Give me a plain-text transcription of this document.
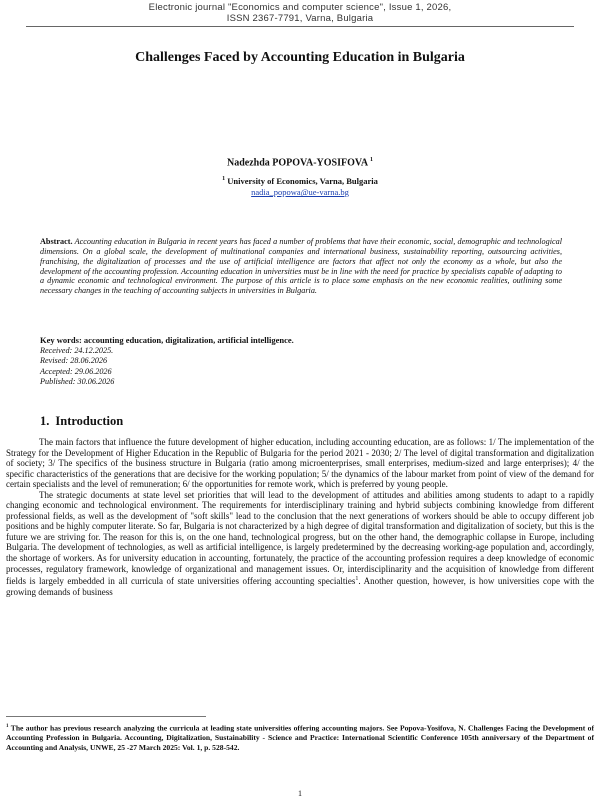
Electronic journal "Economics and computer science", Issue 1, 2026,
ISSN 2367-7791, Varna, Bulgaria
Challenges Faced by Accounting Education in Bulgaria
Nadezhda POPOVA-YOSIFOVA $^1$
$^1$ University of Economics, Varna, Bulgaria
nadia_popowa@ue-varna.bg
Abstract. Accounting education in Bulgaria in recent years has faced a number of problems that have their economic, social, demographic and technological dimensions. On a global scale, the development of multinational companies and international business, sustainability reporting, outsourcing activities, franchising, the digitalization of processes and the use of artificial intelligence are factors that affect not only the economy as a whole, but also the development of the accounting profession. Accounting education in universities must be in line with the need for practice by specialists capable of adapting to a dynamic economic and technological environment. The purpose of this article is to place some emphasis on the new economic realities, outlining some necessary changes in the teaching of accounting subjects in universities in Bulgaria.
Key words: accounting education, digitalization, artificial intelligence.
Received: 24.12.2025.
Revised: 28.06.2026
Accepted: 29.06.2026
Published: 30.06.2026
1. Introduction

The main factors that influence the future development of higher education, including accounting education, are as follows: 1/ The implementation of the Strategy for the Development of Higher Education in the Republic of Bulgaria for the period 2021 - 2030; 2/ The level of digital transformation and digitalization of society; 3/ The specifics of the business structure in Bulgaria (ratio among microenterprises, small enterprises, medium-sized and large enterprises); 4/ the specific characteristics of the generations that are decisive for the working population; 5/ the dynamics of the labour market from point of view of the demand for certain specialists and the level of remuneration; 6/ the opportunities for remote work, which is preferred by young people.

The strategic documents at state level set priorities that will lead to the development of attitudes and abilities among students to adapt to a rapidly changing economic and technological environment. The requirements for interdisciplinary training and hybrid subjects combining knowledge from different professional fields, as well as the development of "soft skills" lead to the conclusion that the next generations of workers should be able to occupy different job positions and be highly computer literate. So far, Bulgaria is not characterized by a high degree of digital transformation and digitalization of society, but this is the future we are striving for. The reason for this is, on the one hand, technological progress, but on the other hand, the demographic collapse in Europe, including Bulgaria. The development of technologies, as well as artificial intelligence, is largely predetermined by the decreasing working-age population and, accordingly, the shortage of workers. As for university education in accounting, fortunately, the practice of the accounting profession requires a deep knowledge of economic processes, regulatory framework, knowledge of organizational and management issues. Or, interdisciplinarity and the acquisition of knowledge from different fields is largely embedded in all curricula of state universities offering accounting specialties$^1$. Another question, however, is how universities cope with the growing demands of business

$^1$ The author has previous research analyzing the curricula at leading state universities offering accounting majors. See Popova-Yosifova, N. Challenges Facing the Development of Accounting Profession in Bulgaria. Accounting, Digitalization, Sustainability - Science and Practice: International Scientific Conference 105th anniversary of the Department of Accounting and Analysis, UNWE, 25 -27 March 2025: Vol. 1, p. 528-542.
1
